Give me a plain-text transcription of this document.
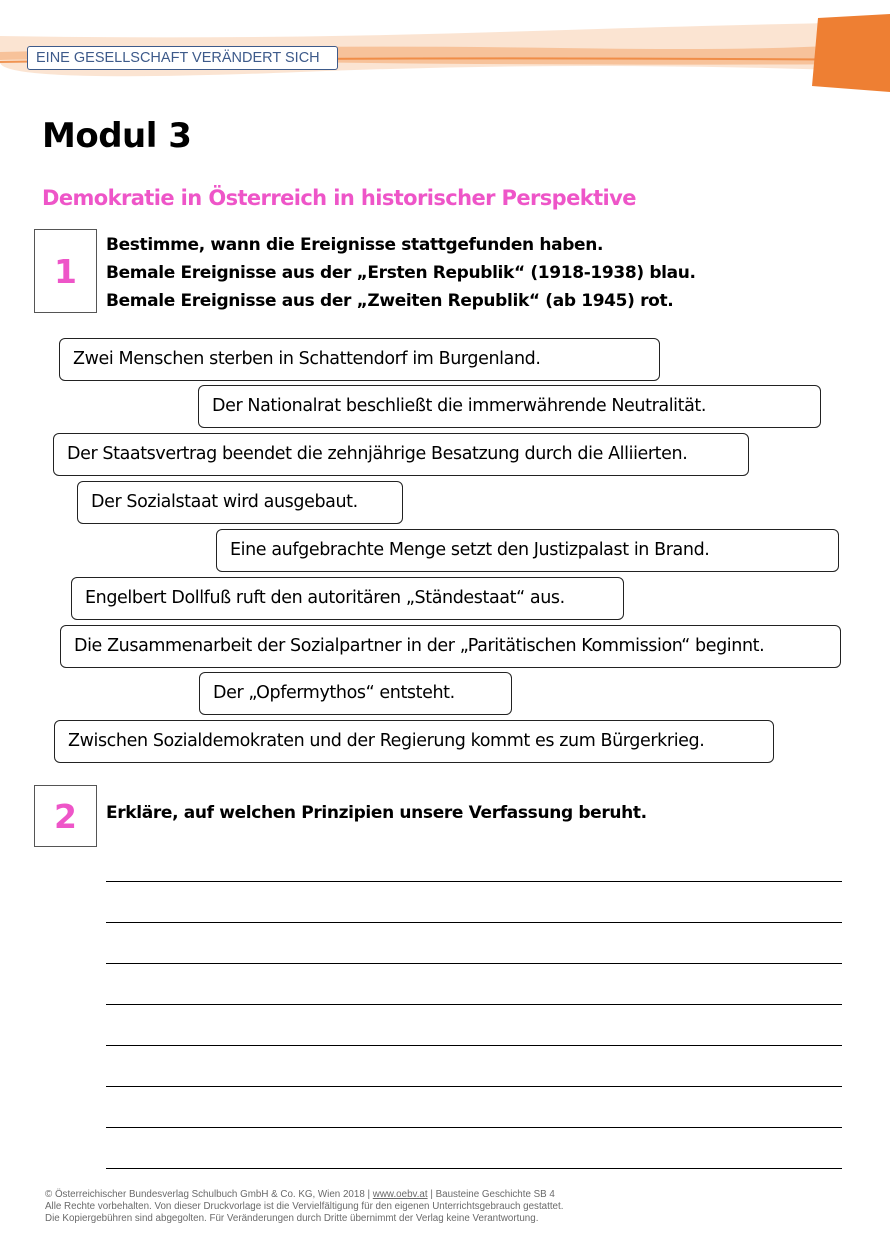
EINE GESELLSCHAFT VERÄNDERT SICH
Modul 3
Demokratie in Österreich in historischer Perspektive
1
Bestimme, wann die Ereignisse stattgefunden haben.
Bemale Ereignisse aus der „Ersten Republik“ (1918-1938) blau.
Bemale Ereignisse aus der „Zweiten Republik“ (ab 1945) rot.
Zwei Menschen sterben in Schattendorf im Burgenland.
Der Nationalrat beschließt die immerwährende Neutralität.
Der Staatsvertrag beendet die zehnjährige Besatzung durch die Alliierten.
Der Sozialstaat wird ausgebaut.
Eine aufgebrachte Menge setzt den Justizpalast in Brand.
Engelbert Dollfuß ruft den autoritären „Ständestaat“ aus.
Die Zusammenarbeit der Sozialpartner in der „Paritätischen Kommission“ beginnt.
Der „Opfermythos“ entsteht.
Zwischen Sozialdemokraten und der Regierung kommt es zum Bürgerkrieg.
2	Erkläre, auf welchen Prinzipien unsere Verfassung beruht.
© Österreichischer Bundesverlag Schulbuch GmbH & Co. KG, Wien 2018 | www.oebv.at | Bausteine Geschichte SB 4
Alle Rechte vorbehalten. Von dieser Druckvorlage ist die Vervielfältigung für den eigenen Unterrichtsgebrauch gestattet.
Die Kopiergebühren sind abgegolten. Für Veränderungen durch Dritte übernimmt der Verlag keine Verantwortung.
